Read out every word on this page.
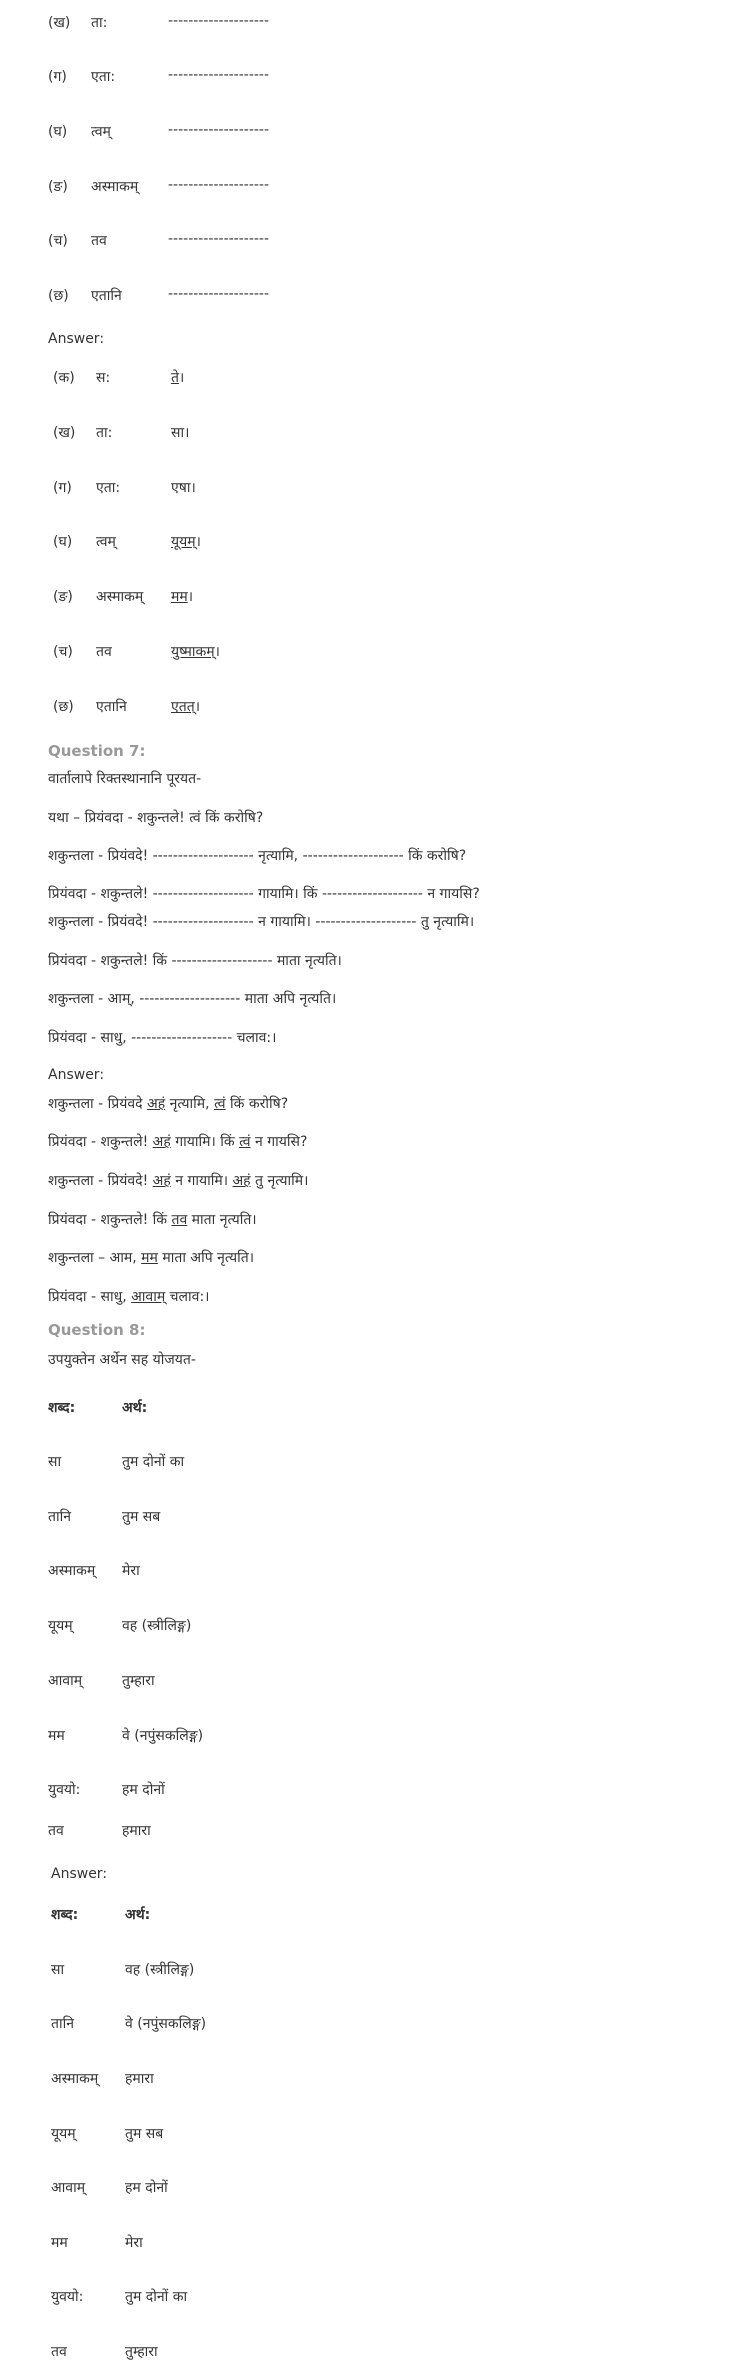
(ख) ता:	--------------------
(ग) एता:	--------------------
(घ) त्वम्	--------------------
(ङ) अस्माकम् --------------------
(च) तव	--------------------
(छ) एतानि	--------------------
Answer:
(क) स:	ते।
(ख) ता:	सा।
(ग) एता:	एषा।
(घ) त्वम्	यूयम्।
(ङ) अस्माकम् मम।
(च) तव	युष्माकम्।
(छ) एतानि	एतत्।
Question 7:
वार्तालापे रिक्तस्थानानि पूरयत-
यथा – प्रियंवदा - शकुन्तले! त्वं किं करोषि?
शकुन्तला - प्रियंवदे! -------------------- नृत्यामि, -------------------- किं करोषि?
प्रियंवदा - शकुन्तले! -------------------- गायामि। किं -------------------- न गायसि?
शकुन्तला - प्रियंवदे! -------------------- न गायामि। -------------------- तु नृत्यामि।
प्रियंवदा - शकुन्तले! किं -------------------- माता नृत्यति।
शकुन्तला - आम्, -------------------- माता अपि नृत्यति।
प्रियंवदा - साधु, -------------------- चलाव:।
Answer:
शकुन्तला - प्रियंवदे अहं नृत्यामि, त्वं किं करोषि?
प्रियंवदा - शकुन्तले! अहं गायामि। किं त्वं न गायसि?
शकुन्तला - प्रियंवदे! अहं न गायामि। अहं तु नृत्यामि।
प्रियंवदा - शकुन्तले! किं तव माता नृत्यति।
शकुन्तला – आम, मम माता अपि नृत्यति।
प्रियंवदा - साधु, आवाम् चलाव:।
Question 8:
उपयुक्तेन अर्थेन सह योजयत-
शब्द:	अर्थ:
सा	तुम दोनों का
तानि	तुम सब
अस्माकम् मेरा
यूयम्	वह (स्त्रीलिङ्ग)
आवाम्	तुम्हारा
मम	वे (नपुंसकलिङ्ग)
युवयो:	हम दोनों
तव	हमारा
Answer:
शब्द:	अर्थ:
सा	वह (स्त्रीलिङ्ग)
तानि	वे (नपुंसकलिङ्ग)
अस्माकम् हमारा
यूयम्	तुम सब
आवाम्	हम दोनों
मम	मेरा
युवयो:	तुम दोनों का
तव	तुम्हारा
